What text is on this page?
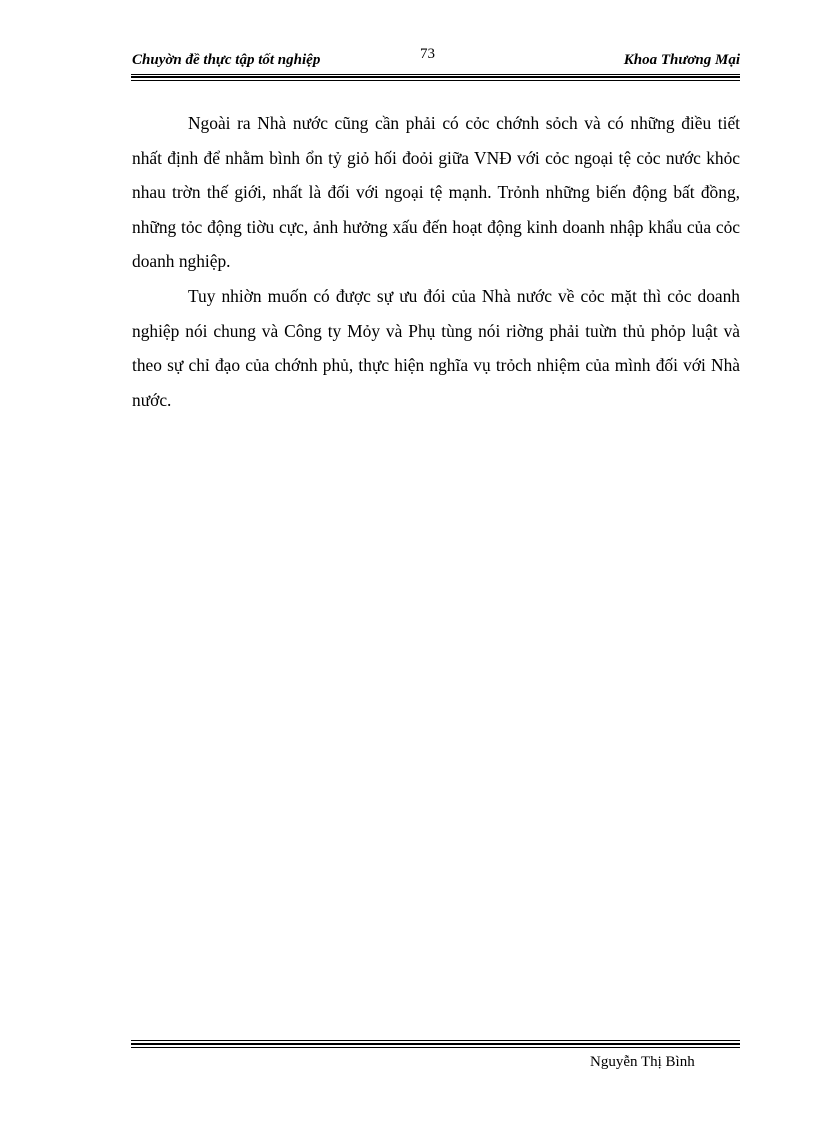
Chuyờn đề thực tập tốt nghiệp	73	Khoa Thương Mại

Ngoài ra Nhà nước cũng cần phải có cỏc chớnh sỏch và có những điều tiết nhất định để nhằm bình ổn tỷ giỏ hối đoỏi giữa VNĐ với cỏc ngoại tệ cỏc nước khỏc nhau trờn thế giới, nhất là đối với ngoại tệ mạnh. Trỏnh những biến động bất đồng, những tỏc động tiờu cực, ảnh hưởng xấu đến hoạt động kinh doanh nhập khẩu của cỏc doanh nghiệp.

Tuy nhiờn muốn có được sự ưu đói của Nhà nước về cỏc mặt thì cỏc doanh nghiệp nói chung và Công ty Mỏy và Phụ tùng nói riờng phải tuừn thủ phỏp luật và theo sự chỉ đạo của chớnh phủ, thực hiện nghĩa vụ trỏch nhiệm của mình đối với Nhà nước.

Nguyễn Thị Bình
